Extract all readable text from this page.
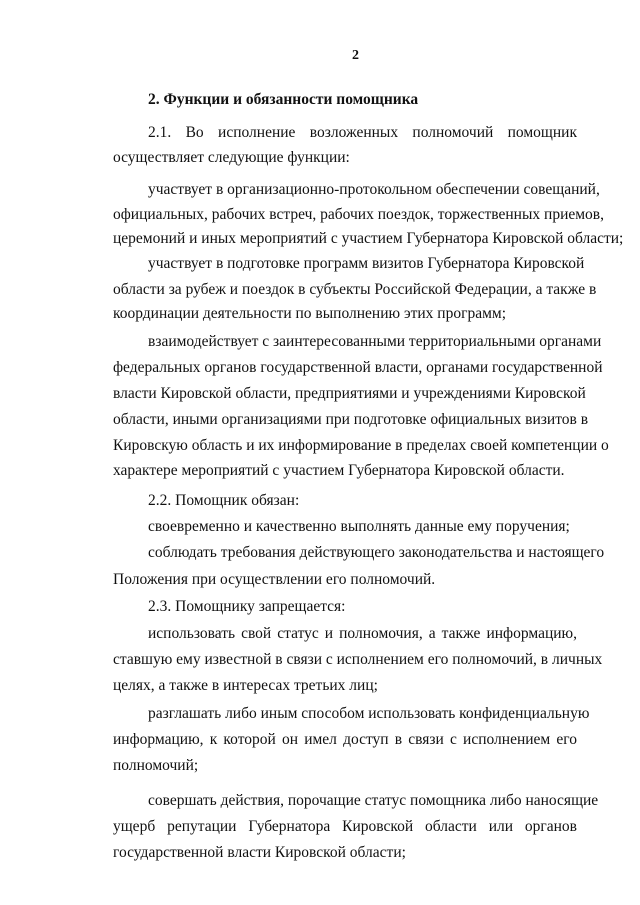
2
2. Функции и обязанности помощника
2.1. Во исполнение возложенных полномочий помощник
осуществляет следующие функции:
участвует в организационно-протокольном обеспечении совещаний,
официальных, рабочих встреч, рабочих поездок, торжественных приемов,
церемоний и иных мероприятий с участием Губернатора Кировской области;
участвует в подготовке программ визитов Губернатора Кировской
области за рубеж и поездок в субъекты Российской Федерации, а также в
координации деятельности по выполнению этих программ;
взаимодействует с заинтересованными территориальными органами
федеральных органов государственной власти, органами государственной
власти Кировской области, предприятиями и учреждениями Кировской
области, иными организациями при подготовке официальных визитов в
Кировскую область и их информирование в пределах своей компетенции о
характере мероприятий с участием Губернатора Кировской области.
2.2. Помощник обязан:
своевременно и качественно выполнять данные ему поручения;
соблюдать требования действующего законодательства и настоящего
Положения при осуществлении его полномочий.
2.3. Помощнику запрещается:
использовать свой статус и полномочия, а также информацию,
ставшую ему известной в связи с исполнением его полномочий, в личных
целях, а также в интересах третьих лиц;
разглашать либо иным способом использовать конфиденциальную
информацию, к которой он имел доступ в связи с исполнением его
полномочий;
совершать действия, порочащие статус помощника либо наносящие
ущерб репутации Губернатора Кировской области или органов
государственной власти Кировской области;
